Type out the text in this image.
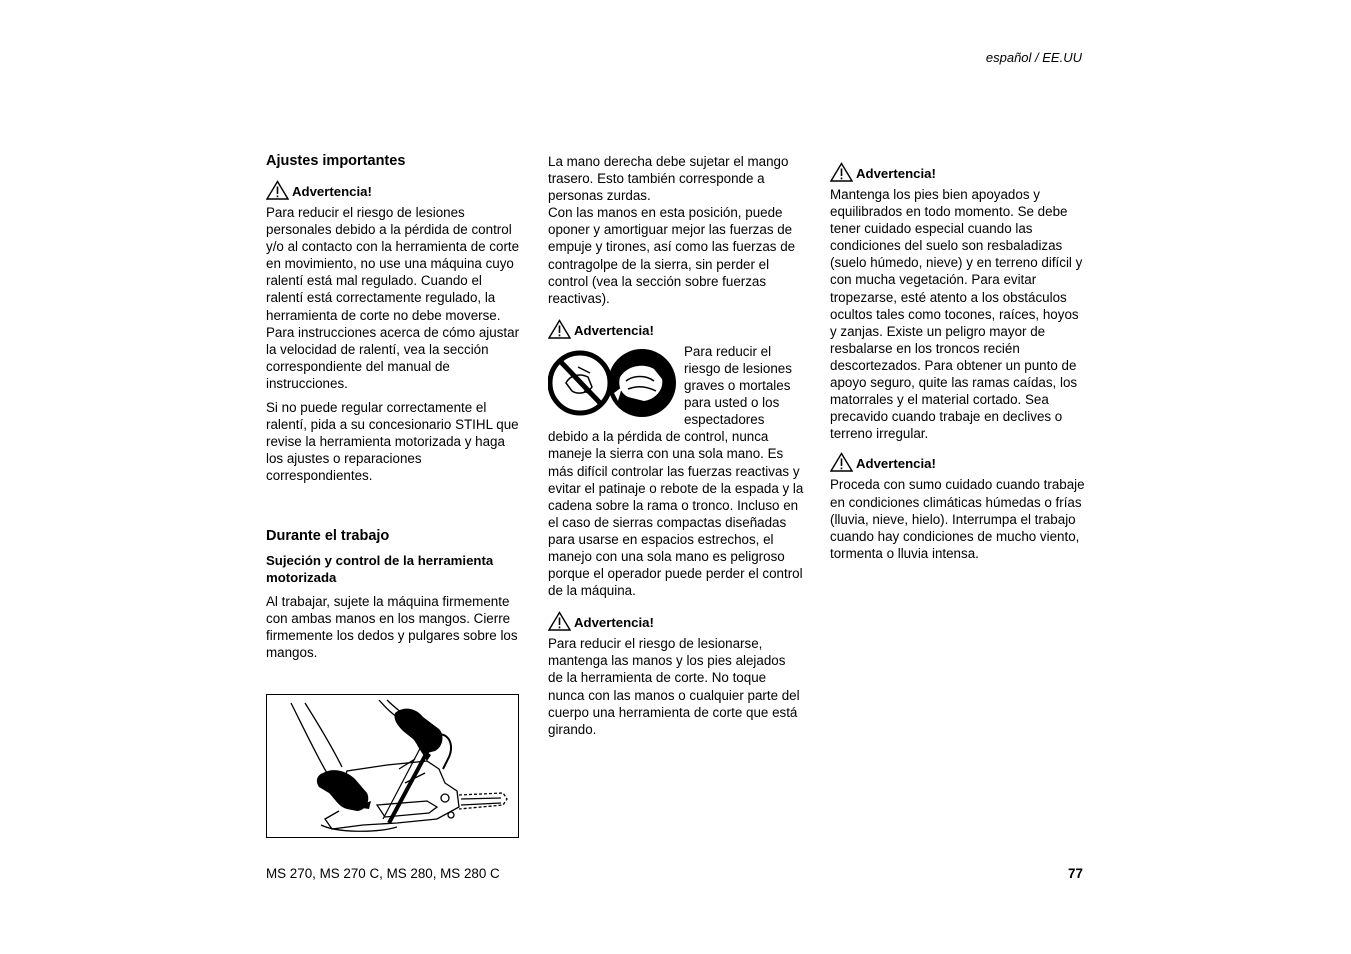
español / EE.UU
Ajustes importantes
Advertencia!

Para reducir el riesgo de lesiones personales debido a la pérdida de control y/o al contacto con la herramienta de corte en movimiento, no use una máquina cuyo ralentí está mal regulado. Cuando el ralentí está correctamente regulado, la herramienta de corte no debe moverse. Para instrucciones acerca de cómo ajustar la velocidad de ralentí, vea la sección correspondiente del manual de instrucciones.

Si no puede regular correctamente el ralentí, pida a su concesionario STIHL que revise la herramienta motorizada y haga los ajustes o reparaciones correspondientes.

Durante el trabajo
Sujeción y control de la herramienta motorizada

Al trabajar, sujete la máquina firmemente con ambas manos en los mangos. Cierre firmemente los dedos y pulgares sobre los mangos.

La mano derecha debe sujetar el mango trasero. Esto también corresponde a personas zurdas.

Con las manos en esta posición, puede oponer y amortiguar mejor las fuerzas de empuje y tirones, así como las fuerzas de contragolpe de la sierra, sin perder el control (vea la sección sobre fuerzas reactivas).

Advertencia!

Para reducir el riesgo de lesiones graves o mortales para usted o los espectadores debido a la pérdida de control, nunca maneje la sierra con una sola mano. Es más difícil controlar las fuerzas reactivas y evitar el patinaje o rebote de la espada y la cadena sobre la rama o tronco. Incluso en el caso de sierras compactas diseñadas para usarse en espacios estrechos, el manejo con una sola mano es peligroso porque el operador puede perder el control de la máquina.

Advertencia!

Para reducir el riesgo de lesionarse, mantenga las manos y los pies alejados de la herramienta de corte. No toque nunca con las manos o cualquier parte del cuerpo una herramienta de corte que está girando.

Advertencia!

Mantenga los pies bien apoyados y equilibrados en todo momento. Se debe tener cuidado especial cuando las condiciones del suelo son resbaladizas (suelo húmedo, nieve) y en terreno difícil y con mucha vegetación. Para evitar tropezarse, esté atento a los obstáculos ocultos tales como tocones, raíces, hoyos y zanjas. Existe un peligro mayor de resbalarse en los troncos recién descortezados. Para obtener un punto de apoyo seguro, quite las ramas caídas, los matorrales y el material cortado. Sea precavido cuando trabaje en declives o terreno irregular.

Advertencia!

Proceda con sumo cuidado cuando trabaje en condiciones climáticas húmedas o frías (lluvia, nieve, hielo). Interrumpa el trabajo cuando hay condiciones de mucho viento, tormenta o lluvia intensa.

MS 270, MS 270 C, MS 280, MS 280 C	77
